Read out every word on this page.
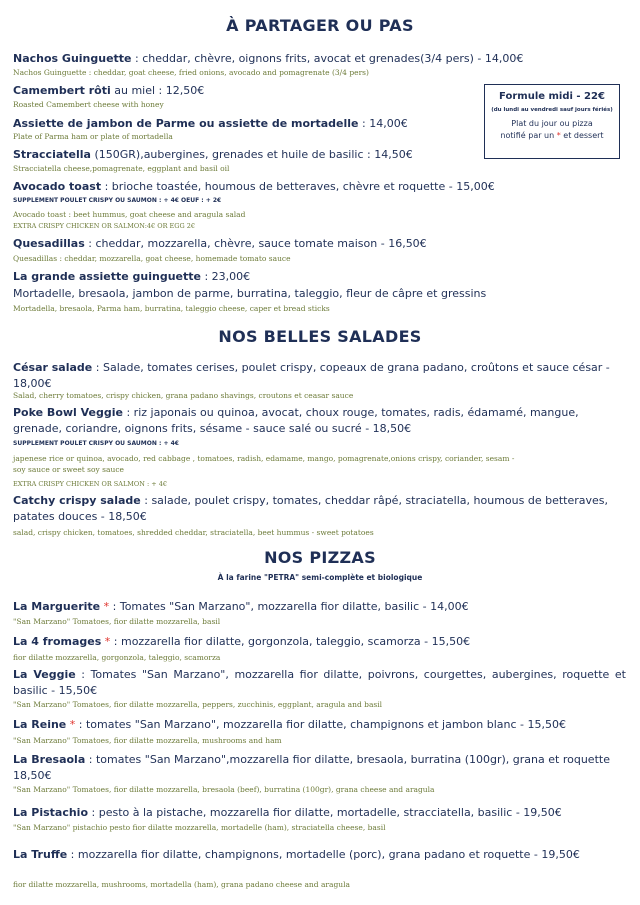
À PARTAGER OU PAS
Formule midi - 22€
(du lundi au vendredi sauf jours fériés)
Plat du jour ou pizza
notifié par un * et dessert
Nachos Guinguette : cheddar, chèvre, oignons frits, avocat et grenades(3/4 pers) - 14,00€
Nachos Guinguette : cheddar, goat cheese, fried onions, avocado and pomagrenate (3/4 pers)
Camembert rôti au miel : 12,50€
Roasted Camembert cheese with honey
Assiette de jambon de Parme ou assiette de mortadelle : 14,00€
Plate of Parma ham or plate of mortadella
Stracciatella (150GR),aubergines, grenades et huile de basilic : 14,50€
Stracciatella cheese,pomagrenate, eggplant and basil oil
Avocado toast : brioche toastée, houmous de betteraves, chèvre et roquette - 15,00€
SUPPLEMENT POULET CRISPY OU SAUMON : + 4€ OEUF : + 2€
Avocado toast : beet hummus, goat cheese and aragula salad
EXTRA CRISPY CHICKEN OR SALMON:4€ OR EGG 2€
Quesadillas : cheddar, mozzarella, chèvre, sauce tomate maison - 16,50€
Quesadillas : cheddar, mozzarella, goat cheese, homemade tomato sauce
La grande assiette guinguette : 23,00€
Mortadelle, bresaola, jambon de parme, burratina, taleggio, fleur de câpre et gressins
Mortadella, bresaola, Parma ham, burratina, taleggio cheese, caper et bread sticks
NOS BELLES SALADES
César salade : Salade, tomates cerises, poulet crispy, copeaux de grana padano, croûtons et sauce césar - 18,00€
Salad, cherry tomatoes, crispy chicken, grana padano shavings, croutons et ceasar sauce
Poke Bowl Veggie : riz japonais ou quinoa, avocat, choux rouge, tomates, radis, édamamé, mangue, grenade, coriandre, oignons frits, sésame - sauce salé ou sucré - 18,50€
SUPPLEMENT POULET CRISPY OU SAUMON : + 4€
japenese rice or quinoa, avocado, red cabbage , tomatoes, radish, edamame, mango, pomagrenate,onions crispy, coriander, sesam -
soy sauce or sweet soy sauce
EXTRA CRISPY CHICKEN OR SALMON : + 4€
Catchy crispy salade : salade, poulet crispy, tomates, cheddar râpé, straciatella, houmous de betteraves, patates douces - 18,50€
salad, crispy chicken, tomatoes, shredded cheddar, straciatella, beet hummus - sweet potatoes
NOS PIZZAS
À la farine "PETRA" semi-complète et biologique
La Marguerite * : Tomates "San Marzano", mozzarella fior dilatte, basilic - 14,00€
"San Marzano" Tomatoes, fior dilatte mozzarella, basil
La 4 fromages * : mozzarella fior dilatte, gorgonzola, taleggio, scamorza - 15,50€
fior dilatte mozzarella, gorgonzola, taleggio, scamorza
La Veggie : Tomates "San Marzano", mozzarella fior dilatte, poivrons, courgettes, aubergines, roquette et basilic - 15,50€
"San Marzano" Tomatoes, fior dilatte mozzarella, peppers, zucchinis, eggplant, aragula and basil
La Reine * : tomates "San Marzano", mozzarella fior dilatte, champignons et jambon blanc - 15,50€
"San Marzano" Tomatoes, fior dilatte mozzarella, mushrooms and ham
La Bresaola : tomates "San Marzano",mozzarella fior dilatte, bresaola, burratina (100gr), grana et roquette 18,50€
"San Marzano" Tomatoes, fior dilatte mozzarella, bresaola (beef), burratina (100gr), grana cheese and aragula
La Pistachio : pesto à la pistache, mozzarella fior dilatte, mortadelle, stracciatella, basilic - 19,50€
"San Marzano" pistachio pesto fior dilatte mozzarella, mortadelle (ham), straciatella cheese, basil
La Truffe : mozzarella fior dilatte, champignons, mortadelle (porc), grana padano et roquette - 19,50€
fior dilatte mozzarella, mushrooms, mortadella (ham), grana padano cheese and aragula
